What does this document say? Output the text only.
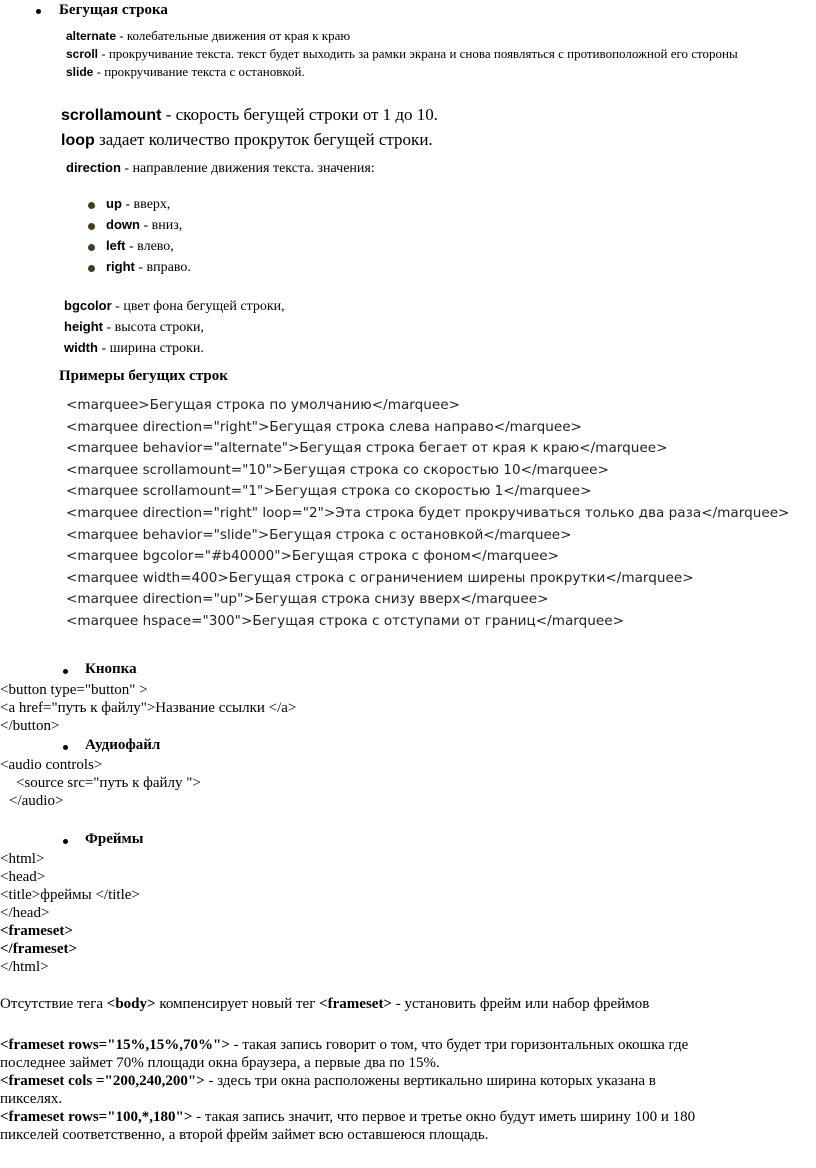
Бегущая строка
alternate - колебательные движения от края к краю
scroll - прокручивание текста. текст будет выходить за рамки экрана и снова появляться с противоположной его стороны
slide - прокручивание текста с остановкой.
scrollamount - скорость бегущей строки от 1 до 10.
loop задает количество прокруток бегущей строки.
direction - направление движения текста. значения:
up - вверх,
down - вниз,
left - влево,
right - вправо.
bgcolor - цвет фона бегущей строки,
height - высота строки,
width - ширина строки.
Примеры бегущих строк
<marquee>Бегущая строка по умолчанию</marquee>
<marquee direction="right">Бегущая строка слева направо</marquee>
<marquee behavior="alternate">Бегущая строка бегает от края к краю</marquee>
<marquee scrollamount="10">Бегущая строка со скоростью 10</marquee>
<marquee scrollamount="1">Бегущая строка со скоростью 1</marquee>
<marquee direction="right" loop="2">Эта строка будет прокручиваться только два раза</marquee>
<marquee behavior="slide">Бегущая строка с остановкой</marquee>
<marquee bgcolor="#b40000">Бегущая строка с фоном</marquee>
<marquee width=400>Бегущая строка с ограничением ширены прокрутки</marquee>
<marquee direction="up">Бегущая строка снизу вверх</marquee>
<marquee hspace="300">Бегущая строка с отступами от границ</marquee>
Кнопка
<button type="button" >
<a href="путь к файлу">Название ссылки </a>
</button>
Аудиофайл
<audio controls>
<source src="путь к файлу ">
</audio>
Фреймы
<html>
<head>
<title>фреймы </title>
</head>
<frameset>
</frameset>
</html>
Отсутствие тега <body> компенсирует новый тег <frameset> - установить фрейм или набор фреймов
<frameset rows="15%,15%,70%"> - такая запись говорит о том, что будет три горизонтальных окошка где
последнее займет 70% площади окна браузера, а первые два по 15%.
<frameset cols ="200,240,200"> - здесь три окна расположены вертикально ширина которых указана в
пикселях.
<frameset rows="100,*,180"> - такая запись значит, что первое и третье окно будут иметь ширину 100 и 180
пикселей соответственно, а второй фрейм займет всю оставшеюся площадь.
